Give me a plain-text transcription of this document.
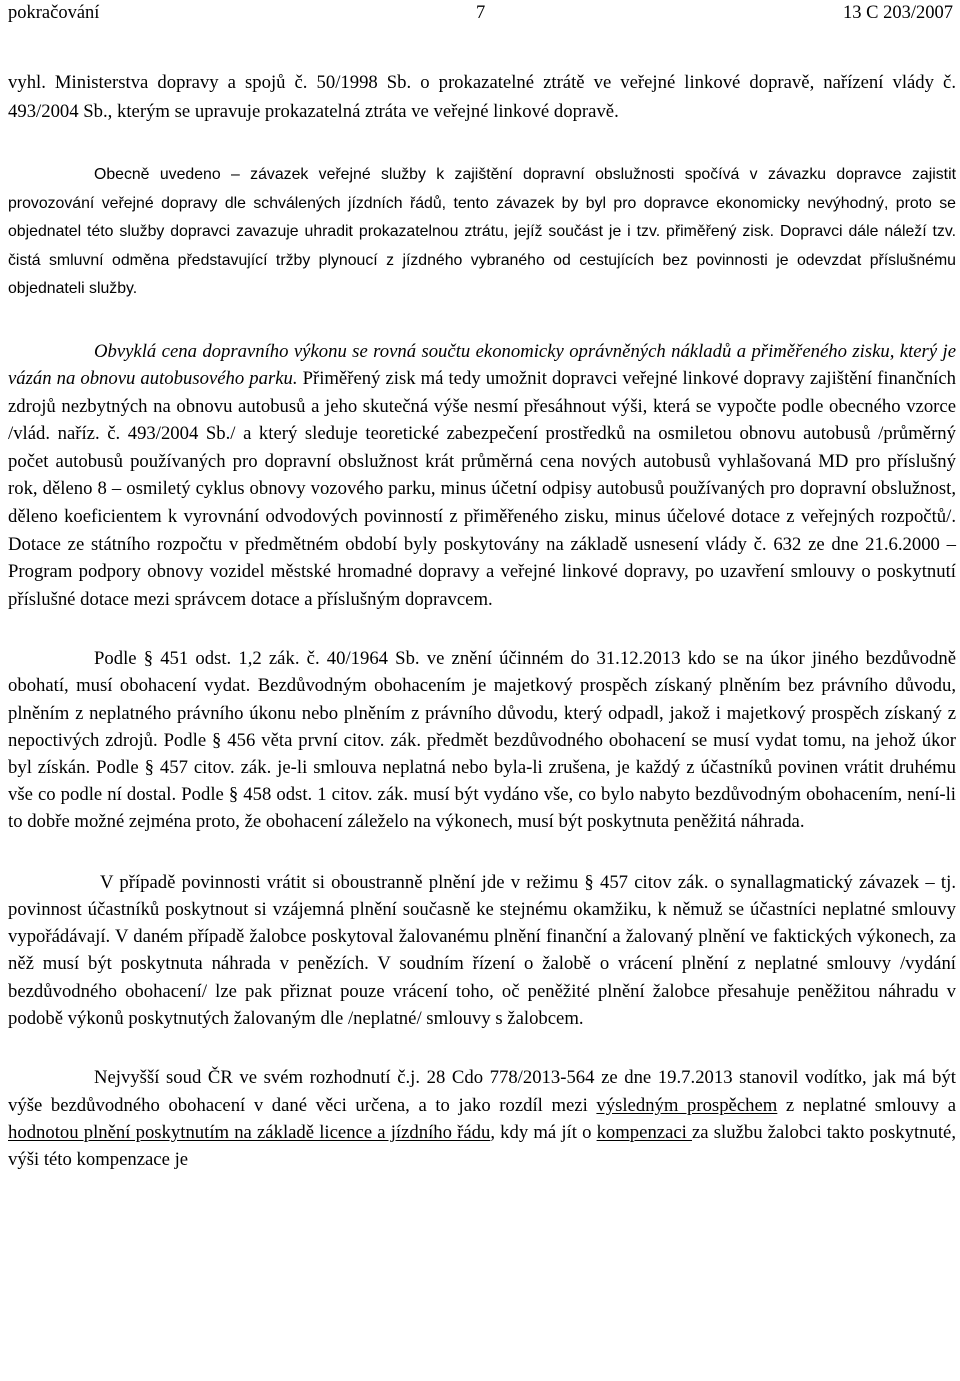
pokračování	7	13 C 203/2007

vyhl. Ministerstva dopravy a spojů č. 50/1998 Sb. o prokazatelné ztrátě ve veřejné linkové dopravě, nařízení vlády č. 493/2004 Sb., kterým se upravuje prokazatelná ztráta ve veřejné linkové dopravě.

Obecně uvedeno – závazek veřejné služby k zajištění dopravní obslužnosti spočívá v závazku dopravce zajistit provozování veřejné dopravy dle schválených jízdních řádů, tento závazek by byl pro dopravce ekonomicky nevýhodný, proto se objednatel této služby dopravci zavazuje uhradit prokazatelnou ztrátu, jejíž součást je i tzv. přiměřený zisk. Dopravci dále náleží tzv. čistá smluvní odměna představující tržby plynoucí z jízdného vybraného od cestujících bez povinnosti je odevzdat příslušnému objednateli služby.

Obvyklá cena dopravního výkonu se rovná součtu ekonomicky oprávněných nákladů a přiměřeného zisku, který je vázán na obnovu autobusového parku. Přiměřený zisk má tedy umožnit dopravci veřejné linkové dopravy zajištění finančních zdrojů nezbytných na obnovu autobusů a jeho skutečná výše nesmí přesáhnout výši, která se vypočte podle obecného vzorce /vlád. naříz. č. 493/2004 Sb./ a který sleduje teoretické zabezpečení prostředků na osmiletou obnovu autobusů /průměrný počet autobusů používaných pro dopravní obslužnost krát průměrná cena nových autobusů vyhlašovaná MD pro příslušný rok, děleno 8 – osmiletý cyklus obnovy vozového parku, minus účetní odpisy autobusů používaných pro dopravní obslužnost, děleno koeficientem k vyrovnání odvodových povinností z přiměřeného zisku, minus účelové dotace z veřejných rozpočtů/. Dotace ze státního rozpočtu v předmětném období byly poskytovány na základě usnesení vlády č. 632 ze dne 21.6.2000 – Program podpory obnovy vozidel městské hromadné dopravy a veřejné linkové dopravy, po uzavření smlouvy o poskytnutí příslušné dotace mezi správcem dotace a příslušným dopravcem.

Podle § 451 odst. 1,2 zák. č. 40/1964 Sb. ve znění účinném do 31.12.2013 kdo se na úkor jiného bezdůvodně obohatí, musí obohacení vydat. Bezdůvodným obohacením je majetkový prospěch získaný plněním bez právního důvodu, plněním z neplatného právního úkonu nebo plněním z právního důvodu, který odpadl, jakož i majetkový prospěch získaný z nepoctivých zdrojů. Podle § 456 věta první citov. zák. předmět bezdůvodného obohacení se musí vydat tomu, na jehož úkor byl získán. Podle § 457 citov. zák. je-li smlouva neplatná nebo byla-li zrušena, je každý z účastníků povinen vrátit druhému vše co podle ní dostal. Podle § 458 odst. 1 citov. zák. musí být vydáno vše, co bylo nabyto bezdůvodným obohacením, není-li to dobře možné zejména proto, že obohacení záleželo na výkonech, musí být poskytnuta peněžitá náhrada.

V případě povinnosti vrátit si oboustranně plnění jde v režimu § 457 citov zák. o synallagmatický závazek – tj. povinnost účastníků poskytnout si vzájemná plnění současně ke stejnému okamžiku, k němuž se účastníci neplatné smlouvy vypořádávají. V daném případě žalobce poskytoval žalovanému plnění finanční a žalovaný plnění ve faktických výkonech, za něž musí být poskytnuta náhrada v penězích. V soudním řízení o žalobě o vrácení plnění z neplatné smlouvy /vydání bezdůvodného obohacení/ lze pak přiznat pouze vrácení toho, oč peněžité plnění žalobce přesahuje peněžitou náhradu v podobě výkonů poskytnutých žalovaným dle /neplatné/ smlouvy s žalobcem.

Nejvyšší soud ČR ve svém rozhodnutí č.j. 28 Cdo 778/2013-564 ze dne 19.7.2013 stanovil vodítko, jak má být výše bezdůvodného obohacení v dané věci určena, a to jako rozdíl mezi výsledným prospěchem z neplatné smlouvy a hodnotou plnění poskytnutím na základě licence a jízdního řádu, kdy má jít o kompenzaci za službu žalobci takto poskytnuté, výši této kompenzace je
